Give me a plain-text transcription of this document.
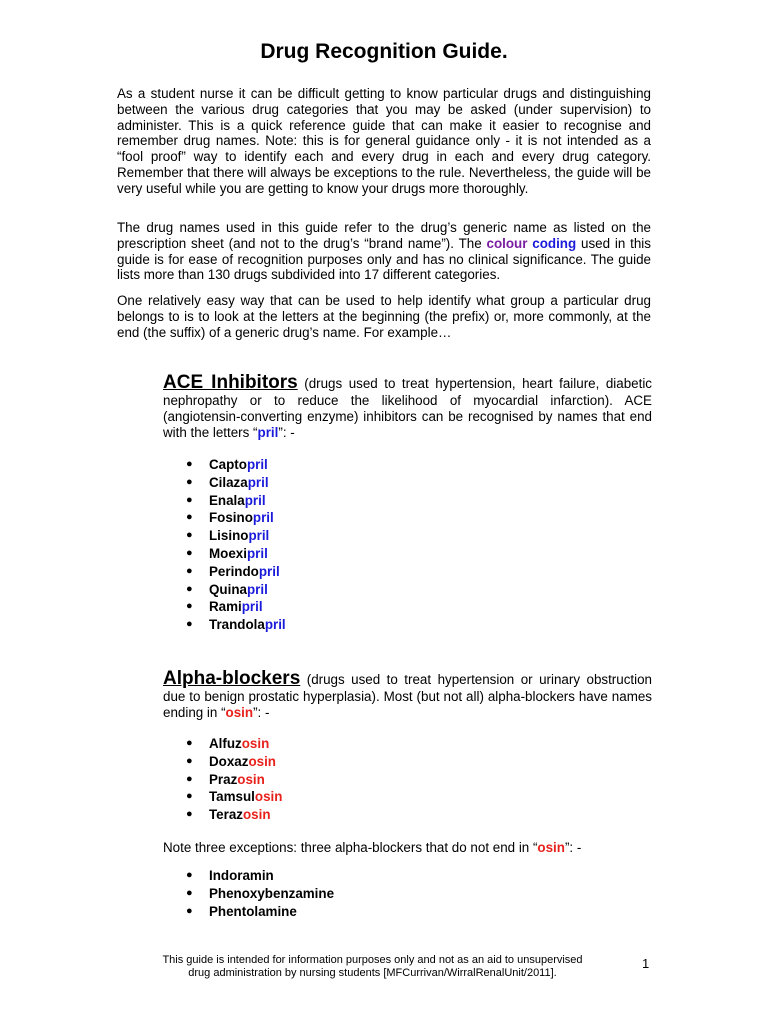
Drug Recognition Guide.

As a student nurse it can be difficult getting to know particular drugs and distinguishing between the various drug categories that you may be asked (under supervision) to administer. This is a quick reference guide that can make it easier to recognise and remember drug names. Note: this is for general guidance only - it is not intended as a “fool proof” way to identify each and every drug in each and every drug category. Remember that there will always be exceptions to the rule. Nevertheless, the guide will be very useful while you are getting to know your drugs more thoroughly.

The drug names used in this guide refer to the drug’s generic name as listed on the prescription sheet (and not to the drug’s “brand name”). The colour coding used in this guide is for ease of recognition purposes only and has no clinical significance. The guide lists more than 130 drugs subdivided into 17 different categories.

One relatively easy way that can be used to help identify what group a particular drug belongs to is to look at the letters at the beginning (the prefix) or, more commonly, at the end (the suffix) of a generic drug’s name. For example…

ACE Inhibitors (drugs used to treat hypertension, heart failure, diabetic nephropathy or to reduce the likelihood of myocardial infarction). ACE (angiotensin-converting enzyme) inhibitors can be recognised by names that end with the letters “pril”: -

● Captopril
● Cilazapril
● Enalapril
● Fosinopril
● Lisinopril
● Moexipril
● Perindopril
● Quinapril
● Ramipril
● Trandolapril

Alpha-blockers (drugs used to treat hypertension or urinary obstruction due to benign prostatic hyperplasia). Most (but not all) alpha-blockers have names ending in “osin”: -

● Alfuzosin
● Doxazosin
● Prazosin
● Tamsulosin
● Terazosin
Note three exceptions: three alpha-blockers that do not end in “osin”: -
● Indoramin
● Phenoxybenzamine
● Phentolamine
This guide is intended for information purposes only and not as an aid to unsupervised
drug administration by nursing students [MFCurrivan/WirralRenalUnit/2011].
1
